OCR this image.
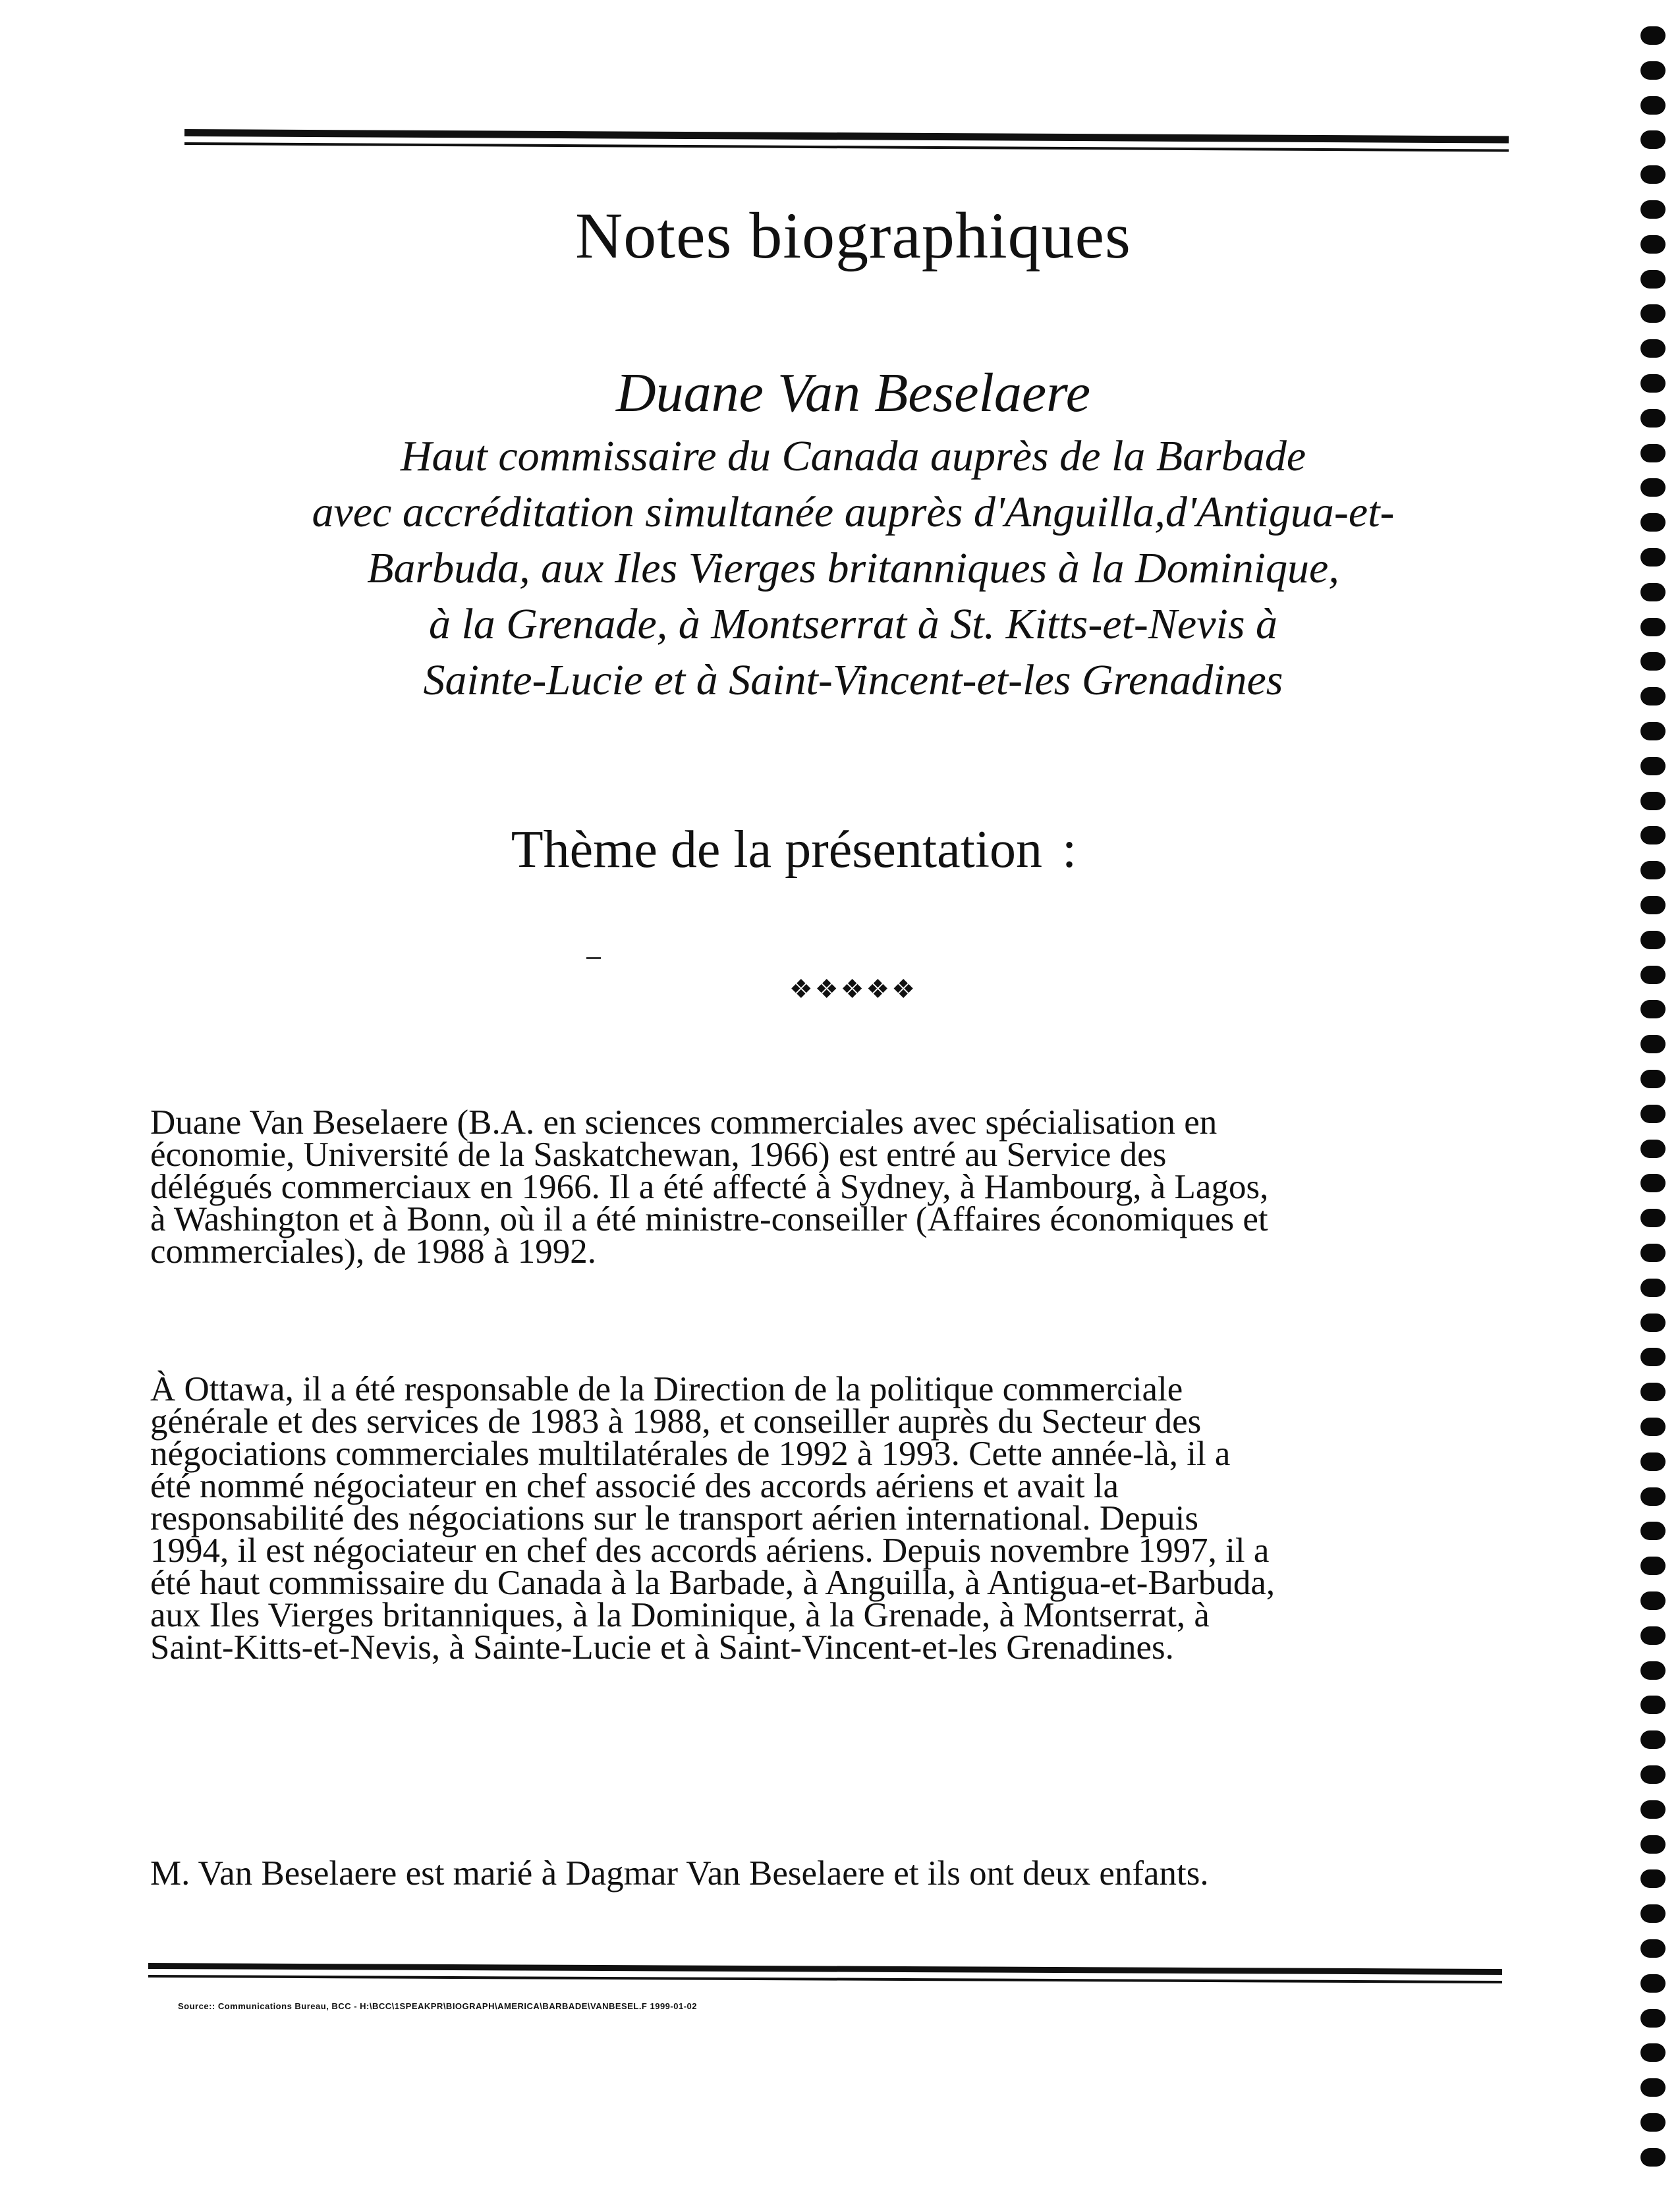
Notes biographiques
Duane Van Beselaere
Haut commissaire du Canada auprès de la Barbade
avec accréditation simultanée auprès d'Anguilla,d'Antigua-et-
Barbuda, aux Iles Vierges britanniques à la Dominique,
à la Grenade, à Montserrat à St. Kitts-et-Nevis à
Sainte-Lucie et à Saint-Vincent-et-les Grenadines
Thème de la présentation :
❖❖❖❖❖
Duane Van Beselaere (B.A. en sciences commerciales avec spécialisation en
économie, Université de la Saskatchewan, 1966) est entré au Service des
délégués commerciaux en 1966. Il a été affecté à Sydney, à Hambourg, à Lagos,
à Washington et à Bonn, où il a été ministre-conseiller (Affaires économiques et
commerciales), de 1988 à 1992.
À Ottawa, il a été responsable de la Direction de la politique commerciale
générale et des services de 1983 à 1988, et conseiller auprès du Secteur des
négociations commerciales multilatérales de 1992 à 1993. Cette année-là, il a
été nommé négociateur en chef associé des accords aériens et avait la
responsabilité des négociations sur le transport aérien international. Depuis
1994, il est négociateur en chef des accords aériens. Depuis novembre 1997, il a
été haut commissaire du Canada à la Barbade, à Anguilla, à Antigua-et-Barbuda,
aux Iles Vierges britanniques, à la Dominique, à la Grenade, à Montserrat, à
Saint-Kitts-et-Nevis, à Sainte-Lucie et à Saint-Vincent-et-les Grenadines.
M. Van Beselaere est marié à Dagmar Van Beselaere et ils ont deux enfants.
Source:: Communications Bureau, BCC - H:\BCC\1SPEAKPR\BIOGRAPH\AMERICA\BARBADE\VANBESEL.F 1999-01-02
